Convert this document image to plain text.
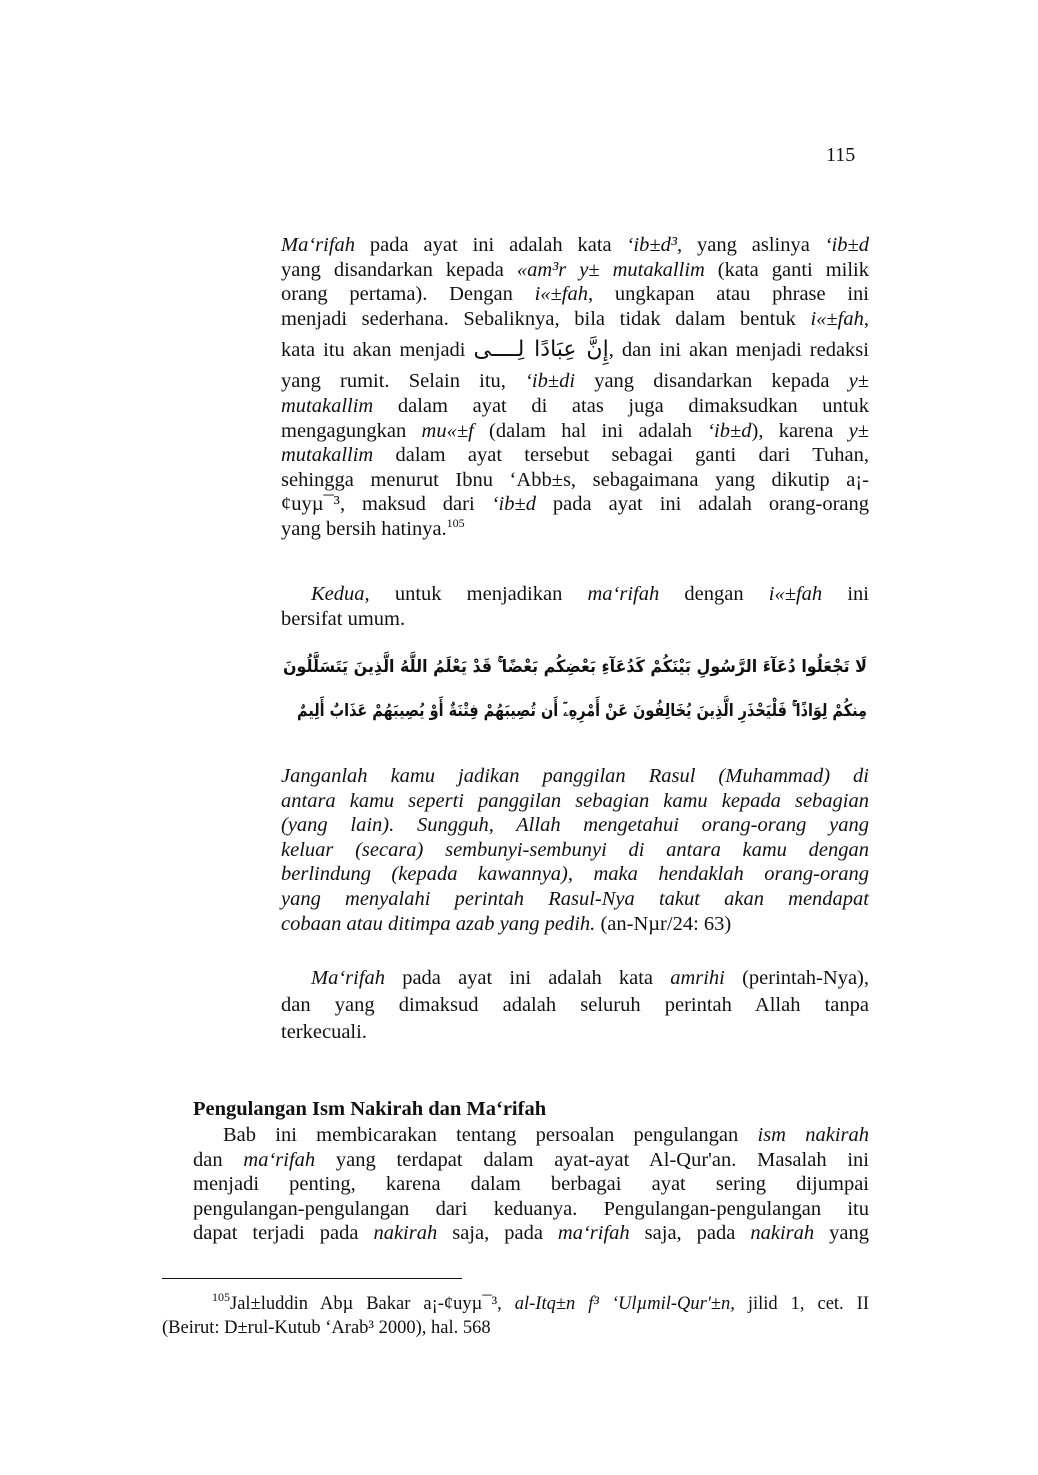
115
Ma‘rifah pada ayat ini adalah kata ‘ib±d³, yang aslinya ‘ib±d
yang disandarkan kepada «am³r y± mutakallim (kata ganti milik
orang pertama). Dengan i«±fah, ungkapan atau phrase ini
menjadi sederhana. Sebaliknya, bila tidak dalam bentuk i«±fah,
kata itu akan menjadi إِنَّ عِبَادًا لِــــى, dan ini akan menjadi redaksi
yang rumit. Selain itu, ‘ib±di yang disandarkan kepada y±
mutakallim dalam ayat di atas juga dimaksudkan untuk
mengagungkan mu«±f (dalam hal ini adalah ‘ib±d), karena y±
mutakallim dalam ayat tersebut sebagai ganti dari Tuhan,
sehingga menurut Ibnu ‘Abb±s, sebagaimana yang dikutip a¡-
¢uyµ¯³, maksud dari ‘ib±d pada ayat ini adalah orang-orang
yang bersih hatinya.$^{105}$
Kedua, untuk menjadikan ma‘rifah dengan i«±fah ini
bersifat umum.
لَا تَجْعَلُوا دُعَآءَ الرَّسُولِ بَيْنَكُمْ كَدُعَآءِ بَعْضِكُم بَعْضًا ۚ قَدْ يَعْلَمُ اللَّهُ الَّذِينَ يَتَسَلَّلُونَ
مِنكُمْ لِوَاذًا ۚ فَلْيَحْذَرِ الَّذِينَ يُخَالِفُونَ عَنْ أَمْرِهِۦٓ أَن تُصِيبَهُمْ فِتْنَةٌ أَوْ يُصِيبَهُمْ عَذَابٌ أَلِيمٌ
Janganlah kamu jadikan panggilan Rasul (Muhammad) di
antara kamu seperti panggilan sebagian kamu kepada sebagian
(yang lain). Sungguh, Allah mengetahui orang-orang yang
keluar (secara) sembunyi-sembunyi di antara kamu dengan
berlindung (kepada kawannya), maka hendaklah orang-orang
yang menyalahi perintah Rasul-Nya takut akan mendapat
cobaan atau ditimpa azab yang pedih. (an-Nµr/24: 63)
Ma‘rifah pada ayat ini adalah kata amrihi (perintah-Nya),
dan yang dimaksud adalah seluruh perintah Allah tanpa
terkecuali.
Pengulangan Ism Nakirah dan Ma‘rifah
Bab ini membicarakan tentang persoalan pengulangan ism nakirah
dan ma‘rifah yang terdapat dalam ayat-ayat Al-Qur'an. Masalah ini
menjadi penting, karena dalam berbagai ayat sering dijumpai
pengulangan-pengulangan dari keduanya. Pengulangan-pengulangan itu
dapat terjadi pada nakirah saja, pada ma‘rifah saja, pada nakirah yang
$^{105}$Jal±luddin Abµ Bakar a¡-¢uyµ¯³, al-Itq±n f³ ‘Ulµmil-Qur'±n, jilid 1, cet. II
(Beirut: D±rul-Kutub ‘Arab³ 2000), hal. 568
